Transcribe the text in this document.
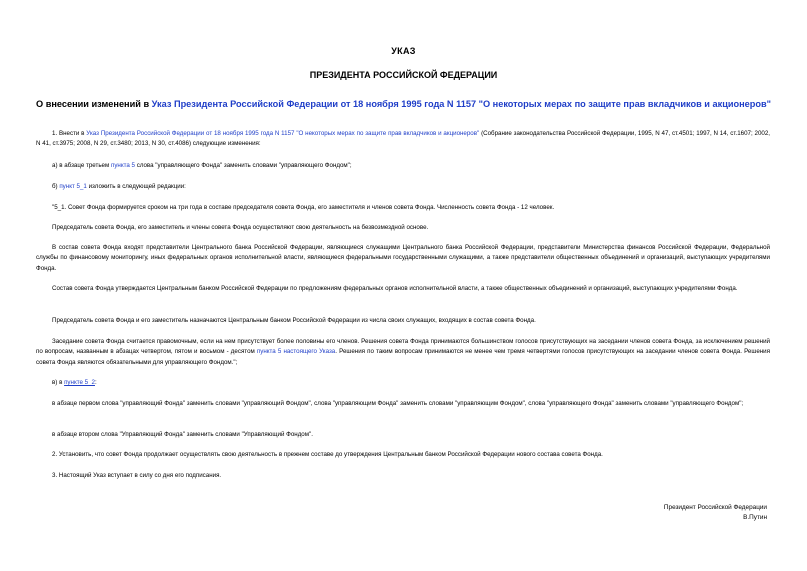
УКАЗ
ПРЕЗИДЕНТА РОССИЙСКОЙ ФЕДЕРАЦИИ
О внесении изменений в Указ Президента Российской Федерации от 18 ноября 1995 года N 1157 "О некоторых мерах по защите прав вкладчиков и акционеров"
1. Внести в Указ Президента Российской Федерации от 18 ноября 1995 года N 1157 "О некоторых мерах по защите прав вкладчиков и акционеров" (Собрание законодательства Российской Федерации, 1995, N 47, ст.4501; 1997, N 14, ст.1607; 2002, N 41, ст.3975; 2008, N 29, ст.3480; 2013, N 30, ст.4086) следующие изменения:
а) в абзаце третьем пункта 5 слова "управляющего Фонда" заменить словами "управляющего Фондом";
б) пункт 5_1 изложить в следующей редакции:
"5_1. Совет Фонда формируется сроком на три года в составе председателя совета Фонда, его заместителя и членов совета Фонда. Численность совета Фонда - 12 человек.
Председатель совета Фонда, его заместитель и члены совета Фонда осуществляют свою деятельность на безвозмездной основе.
В состав совета Фонда входят представители Центрального банка Российской Федерации, являющиеся служащими Центрального банка Российской Федерации, представители Министерства финансов Российской Федерации, Федеральной службы по финансовому мониторингу, иных федеральных органов исполнительной власти, являющиеся федеральными государственными служащими, а также представители общественных объединений и организаций, выступающих учредителями Фонда.
Состав совета Фонда утверждается Центральным банком Российской Федерации по предложениям федеральных органов исполнительной власти, а также общественных объединений и организаций, выступающих учредителями Фонда.
Председатель совета Фонда и его заместитель назначаются Центральным банком Российской Федерации из числа своих служащих, входящих в состав совета Фонда.
Заседание совета Фонда считается правомочным, если на нем присутствует более половины его членов. Решения совета Фонда принимаются большинством голосов присутствующих на заседании членов совета Фонда, за исключением решений по вопросам, названным в абзацах четвертом, пятом и восьмом - десятом пункта 5 настоящего Указа. Решения по таким вопросам принимаются не менее чем тремя четвертями голосов присутствующих на заседании членов совета Фонда. Решения совета Фонда являются обязательными для управляющего Фондом.";
в) в пункте 5_2:
в абзаце первом слова "управляющий Фонда" заменить словами "управляющий Фондом", слова "управляющим Фонда" заменить словами "управляющим Фондом", слова "управляющего Фонда" заменить словами "управляющего Фондом";
в абзаце втором слова "Управляющий Фонда" заменить словами "Управляющий Фондом".
2. Установить, что совет Фонда продолжает осуществлять свою деятельность в прежнем составе до утверждения Центральным банком Российской Федерации нового состава совета Фонда.
3. Настоящий Указ вступает в силу со дня его подписания.
Президент Российской Федерации
В.Путин
